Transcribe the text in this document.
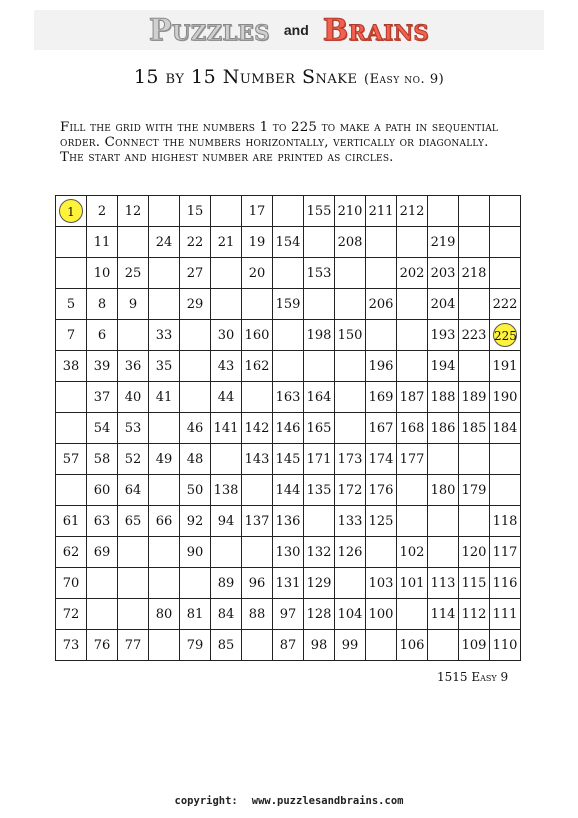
Puzzles and Brains
15 by 15 Number Snake (Easy no. 9)
Fill the grid with the numbers 1 to 225 to make a path in sequential
order. Connect the numbers horizontally, vertically or diagonally.
The start and highest number are printed as circles.
1	2	12		15		17		155	210	211	212			
	11		24	22	21	19	154		208			219		
	10	25		27		20		153			202	203	218	
5	8	9		29			159			206		204		222
7	6		33		30	160		198	150			193	223	225
38	39	36	35		43	162				196		194		191
	37	40	41		44		163	164		169	187	188	189	190
	54	53		46	141	142	146	165		167	168	186	185	184
57	58	52	49	48		143	145	171	173	174	177			
	60	64		50	138		144	135	172	176		180	179	
61	63	65	66	92	94	137	136		133	125				118
62	69			90			130	132	126		102		120	117
70					89	96	131	129		103	101	113	115	116
72			80	81	84	88	97	128	104	100		114	112	111
73	76	77		79	85		87	98	99		106		109	110
1515 Easy 9
copyright: www.puzzlesandbrains.com
